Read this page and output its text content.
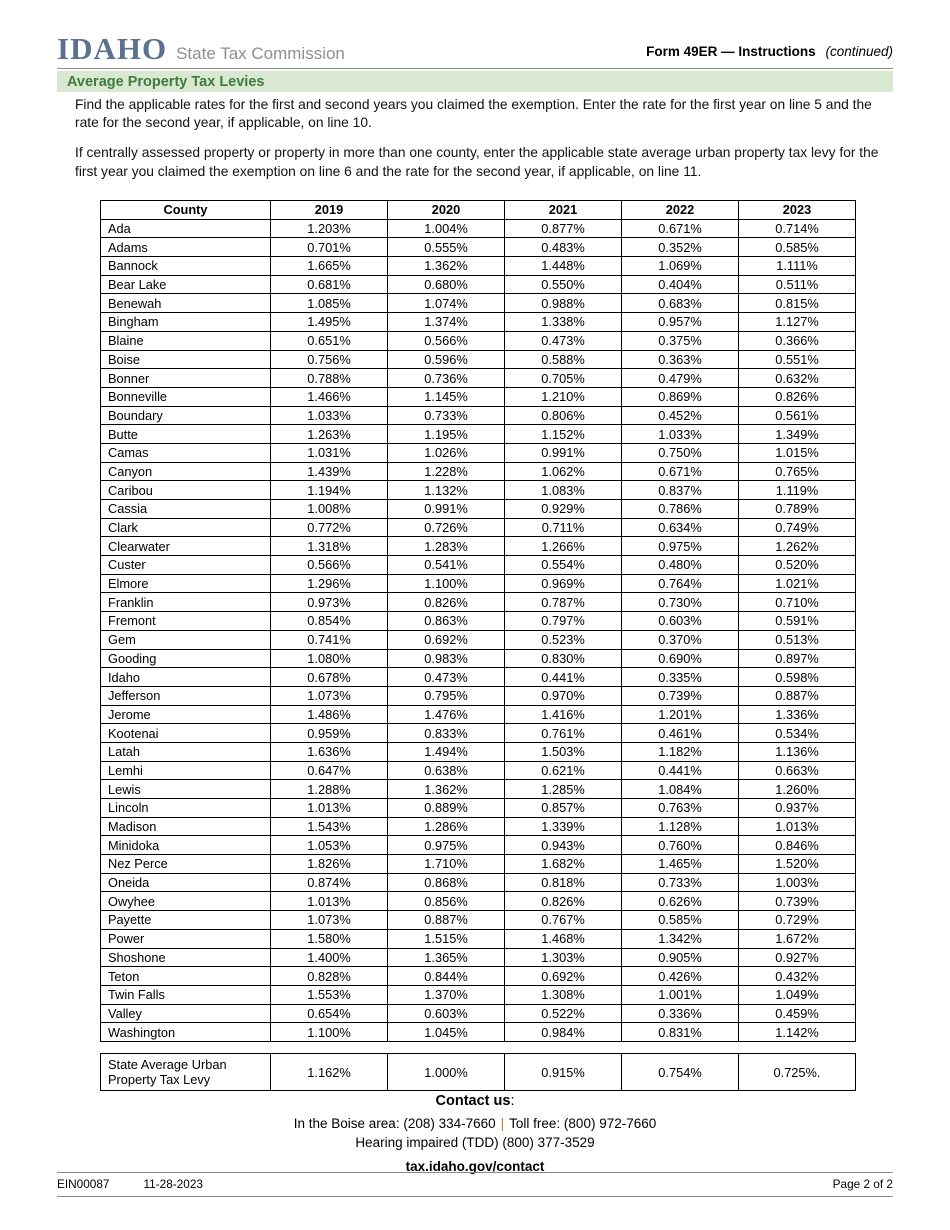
IDAHO State Tax Commission	Form 49ER — Instructions (continued)
Average Property Tax Levies

Find the applicable rates for the first and second years you claimed the exemption. Enter the rate for the first year on line 5 and the rate for the second year, if applicable, on line 10.

If centrally assessed property or property in more than one county, enter the applicable state average urban property tax levy for the first year you claimed the exemption on line 6 and the rate for the second year, if applicable, on line 11.

County	2019	2020	2021	2022	2023
Ada	1.203%	1.004%	0.877%	0.671%	0.714%
Adams	0.701%	0.555%	0.483%	0.352%	0.585%
Bannock	1.665%	1.362%	1.448%	1.069%	1.111%
Bear Lake	0.681%	0.680%	0.550%	0.404%	0.511%
Benewah	1.085%	1.074%	0.988%	0.683%	0.815%
Bingham	1.495%	1.374%	1.338%	0.957%	1.127%
Blaine	0.651%	0.566%	0.473%	0.375%	0.366%
Boise	0.756%	0.596%	0.588%	0.363%	0.551%
Bonner	0.788%	0.736%	0.705%	0.479%	0.632%
Bonneville	1.466%	1.145%	1.210%	0.869%	0.826%
Boundary	1.033%	0.733%	0.806%	0.452%	0.561%
Butte	1.263%	1.195%	1.152%	1.033%	1.349%
Camas	1.031%	1.026%	0.991%	0.750%	1.015%
Canyon	1.439%	1.228%	1.062%	0.671%	0.765%
Caribou	1.194%	1.132%	1.083%	0.837%	1.119%
Cassia	1.008%	0.991%	0.929%	0.786%	0.789%
Clark	0.772%	0.726%	0.711%	0.634%	0.749%
Clearwater	1.318%	1.283%	1.266%	0.975%	1.262%
Custer	0.566%	0.541%	0.554%	0.480%	0.520%
Elmore	1.296%	1.100%	0.969%	0.764%	1.021%
Franklin	0.973%	0.826%	0.787%	0.730%	0.710%
Fremont	0.854%	0.863%	0.797%	0.603%	0.591%
Gem	0.741%	0.692%	0.523%	0.370%	0.513%
Gooding	1.080%	0.983%	0.830%	0.690%	0.897%
Idaho	0.678%	0.473%	0.441%	0.335%	0.598%
Jefferson	1.073%	0.795%	0.970%	0.739%	0.887%
Jerome	1.486%	1.476%	1.416%	1.201%	1.336%
Kootenai	0.959%	0.833%	0.761%	0.461%	0.534%
Latah	1.636%	1.494%	1.503%	1.182%	1.136%
Lemhi	0.647%	0.638%	0.621%	0.441%	0.663%
Lewis	1.288%	1.362%	1.285%	1.084%	1.260%
Lincoln	1.013%	0.889%	0.857%	0.763%	0.937%
Madison	1.543%	1.286%	1.339%	1.128%	1.013%
Minidoka	1.053%	0.975%	0.943%	0.760%	0.846%
Nez Perce	1.826%	1.710%	1.682%	1.465%	1.520%
Oneida	0.874%	0.868%	0.818%	0.733%	1.003%
Owyhee	1.013%	0.856%	0.826%	0.626%	0.739%
Payette	1.073%	0.887%	0.767%	0.585%	0.729%
Power	1.580%	1.515%	1.468%	1.342%	1.672%
Shoshone	1.400%	1.365%	1.303%	0.905%	0.927%
Teton	0.828%	0.844%	0.692%	0.426%	0.432%
Twin Falls	1.553%	1.370%	1.308%	1.001%	1.049%
Valley	0.654%	0.603%	0.522%	0.336%	0.459%
Washington	1.100%	1.045%	0.984%	0.831%	1.142%
State Average Urban
Property Tax Levy	1.162%	1.000%	0.915%	0.754%	0.725%.
Contact us:
In the Boise area: (208) 334-7660 | Toll free: (800) 972-7660
Hearing impaired (TDD) (800) 377-3529
tax.idaho.gov/contact
EIN00087	11-28-2023	Page 2 of 2
